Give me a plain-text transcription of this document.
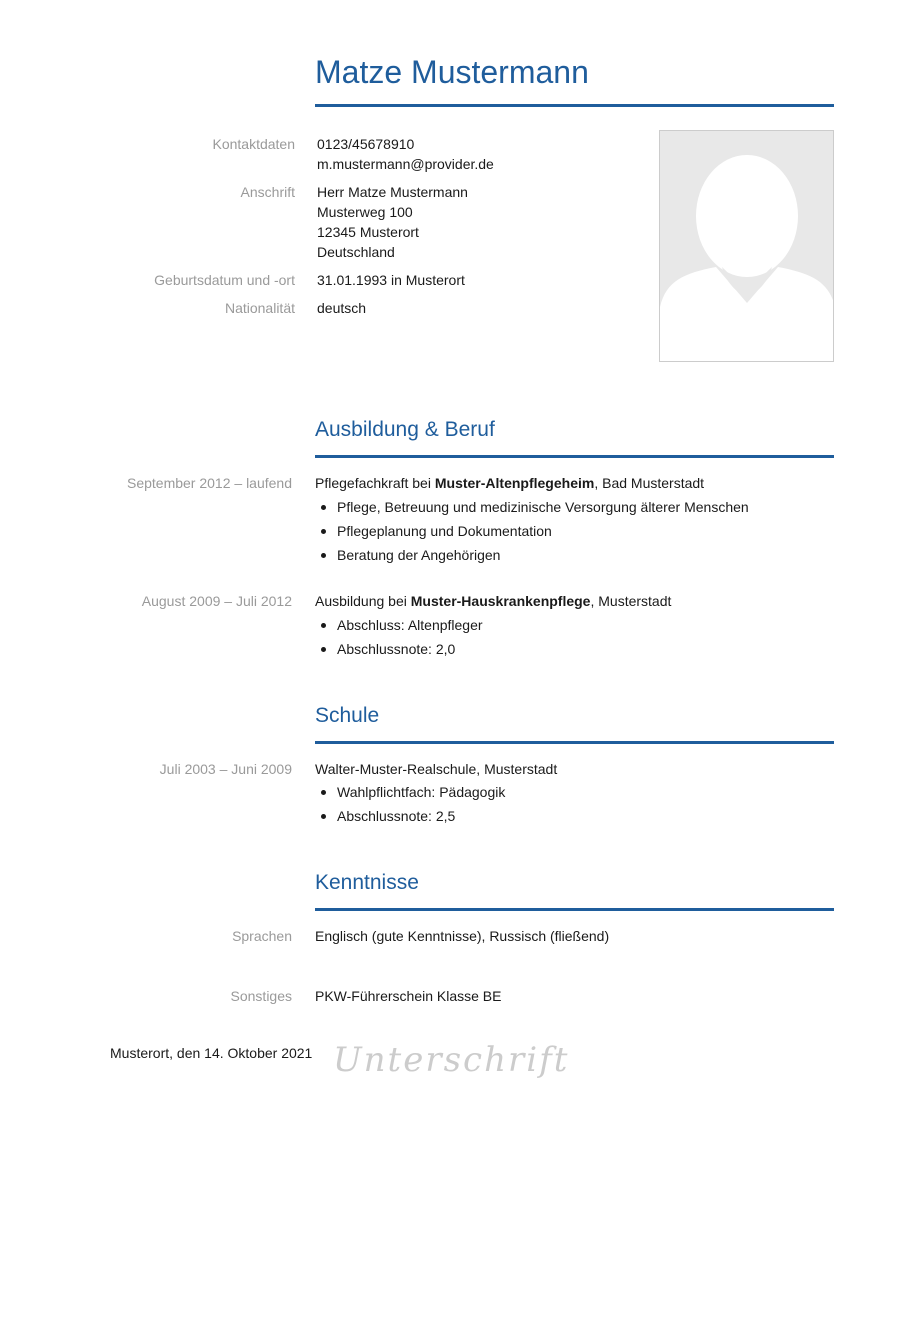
Matze Mustermann
Kontaktdaten 0123/45678910
m.mustermann@provider.de
Anschrift Herr Matze Mustermann
Musterweg 100
12345 Musterort
Deutschland
Geburtsdatum und -ort 31.01.1993 in Musterort
Nationalität deutsch
Ausbildung & Beruf
September 2012 – laufend Pflegefachkraft bei Muster-Altenpflegeheim, Bad Musterstadt
Pflege, Betreuung und medizinische Versorgung älterer Menschen
Pflegeplanung und Dokumentation
Beratung der Angehörigen
August 2009 – Juli 2012 Ausbildung bei Muster-Hauskrankenpflege, Musterstadt
Abschluss: Altenpfleger
Abschlussnote: 2,0
Schule
Juli 2003 – Juni 2009 Walter-Muster-Realschule, Musterstadt
Wahlpflichtfach: Pädagogik
Abschlussnote: 2,5
Kenntnisse
Sprachen Englisch (gute Kenntnisse), Russisch (fließend)
Sonstiges PKW-Führerschein Klasse BE
Musterort, den 14. Oktober 2021 Unterschrift
